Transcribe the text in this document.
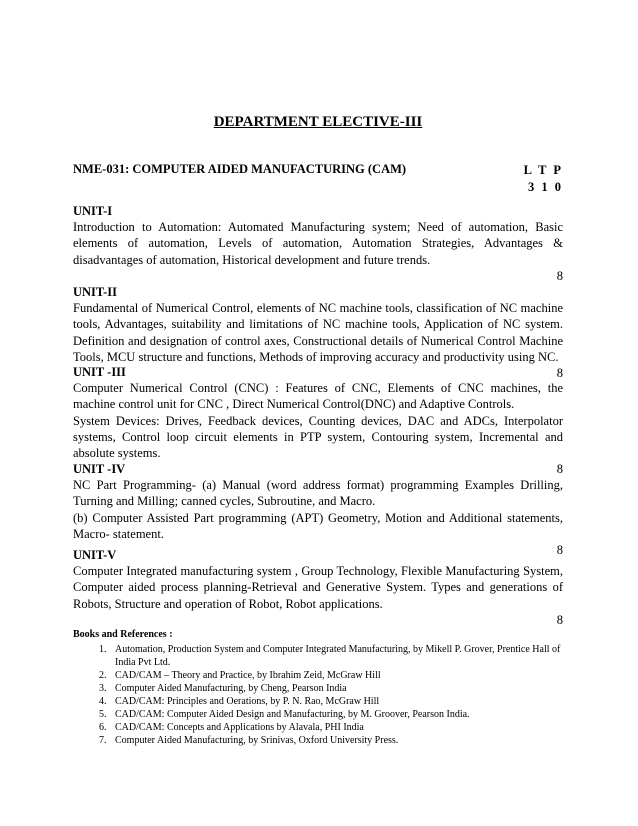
DEPARTMENT ELECTIVE-III
NME-031: COMPUTER AIDED MANUFACTURING (CAM)	L T P
3 1 0
UNIT-I

Introduction to Automation: Automated Manufacturing system; Need of automation, Basic elements of automation, Levels of automation, Automation Strategies, Advantages & disadvantages of automation, Historical development and future trends.

8
UNIT-II

Fundamental of Numerical Control, elements of NC machine tools, classification of NC machine tools, Advantages, suitability and limitations of NC machine tools, Application of NC system. Definition and designation of control axes, Constructional details of Numerical Control Machine Tools, MCU structure and functions, Methods of improving accuracy and productivity using NC.

8
UNIT -III

Computer Numerical Control (CNC) : Features of CNC, Elements of CNC machines, the machine control unit for CNC , Direct Numerical Control(DNC) and Adaptive Controls.

System Devices: Drives, Feedback devices, Counting devices, DAC and ADCs, Interpolator systems, Control loop circuit elements in PTP system, Contouring system, Incremental and absolute systems.

8
UNIT -IV

NC Part Programming- (a) Manual (word address format) programming Examples Drilling, Turning and Milling; canned cycles, Subroutine, and Macro.

(b) Computer Assisted Part programming (APT) Geometry, Motion and Additional statements, Macro- statement.

8
UNIT-V

Computer Integrated manufacturing system , Group Technology, Flexible Manufacturing System, Computer aided process planning-Retrieval and Generative System. Types and generations of Robots, Structure and operation of Robot, Robot applications.

8
Books and References :
1. Automation, Production System and Computer Integrated Manufacturing, by Mikell P. Grover, Prentice Hall of India Pvt Ltd.
2. CAD/CAM – Theory and Practice, by Ibrahim Zeid, McGraw Hill
3. Computer Aided Manufacturing, by Cheng, Pearson India
4. CAD/CAM: Principles and Oerations, by P. N. Rao, McGraw Hill
5. CAD/CAM: Computer Aided Design and Manufacturing, by M. Groover, Pearson India.
6. CAD/CAM: Concepts and Applications by Alavala, PHI India
7. Computer Aided Manufacturing, by Srinivas, Oxford University Press.
